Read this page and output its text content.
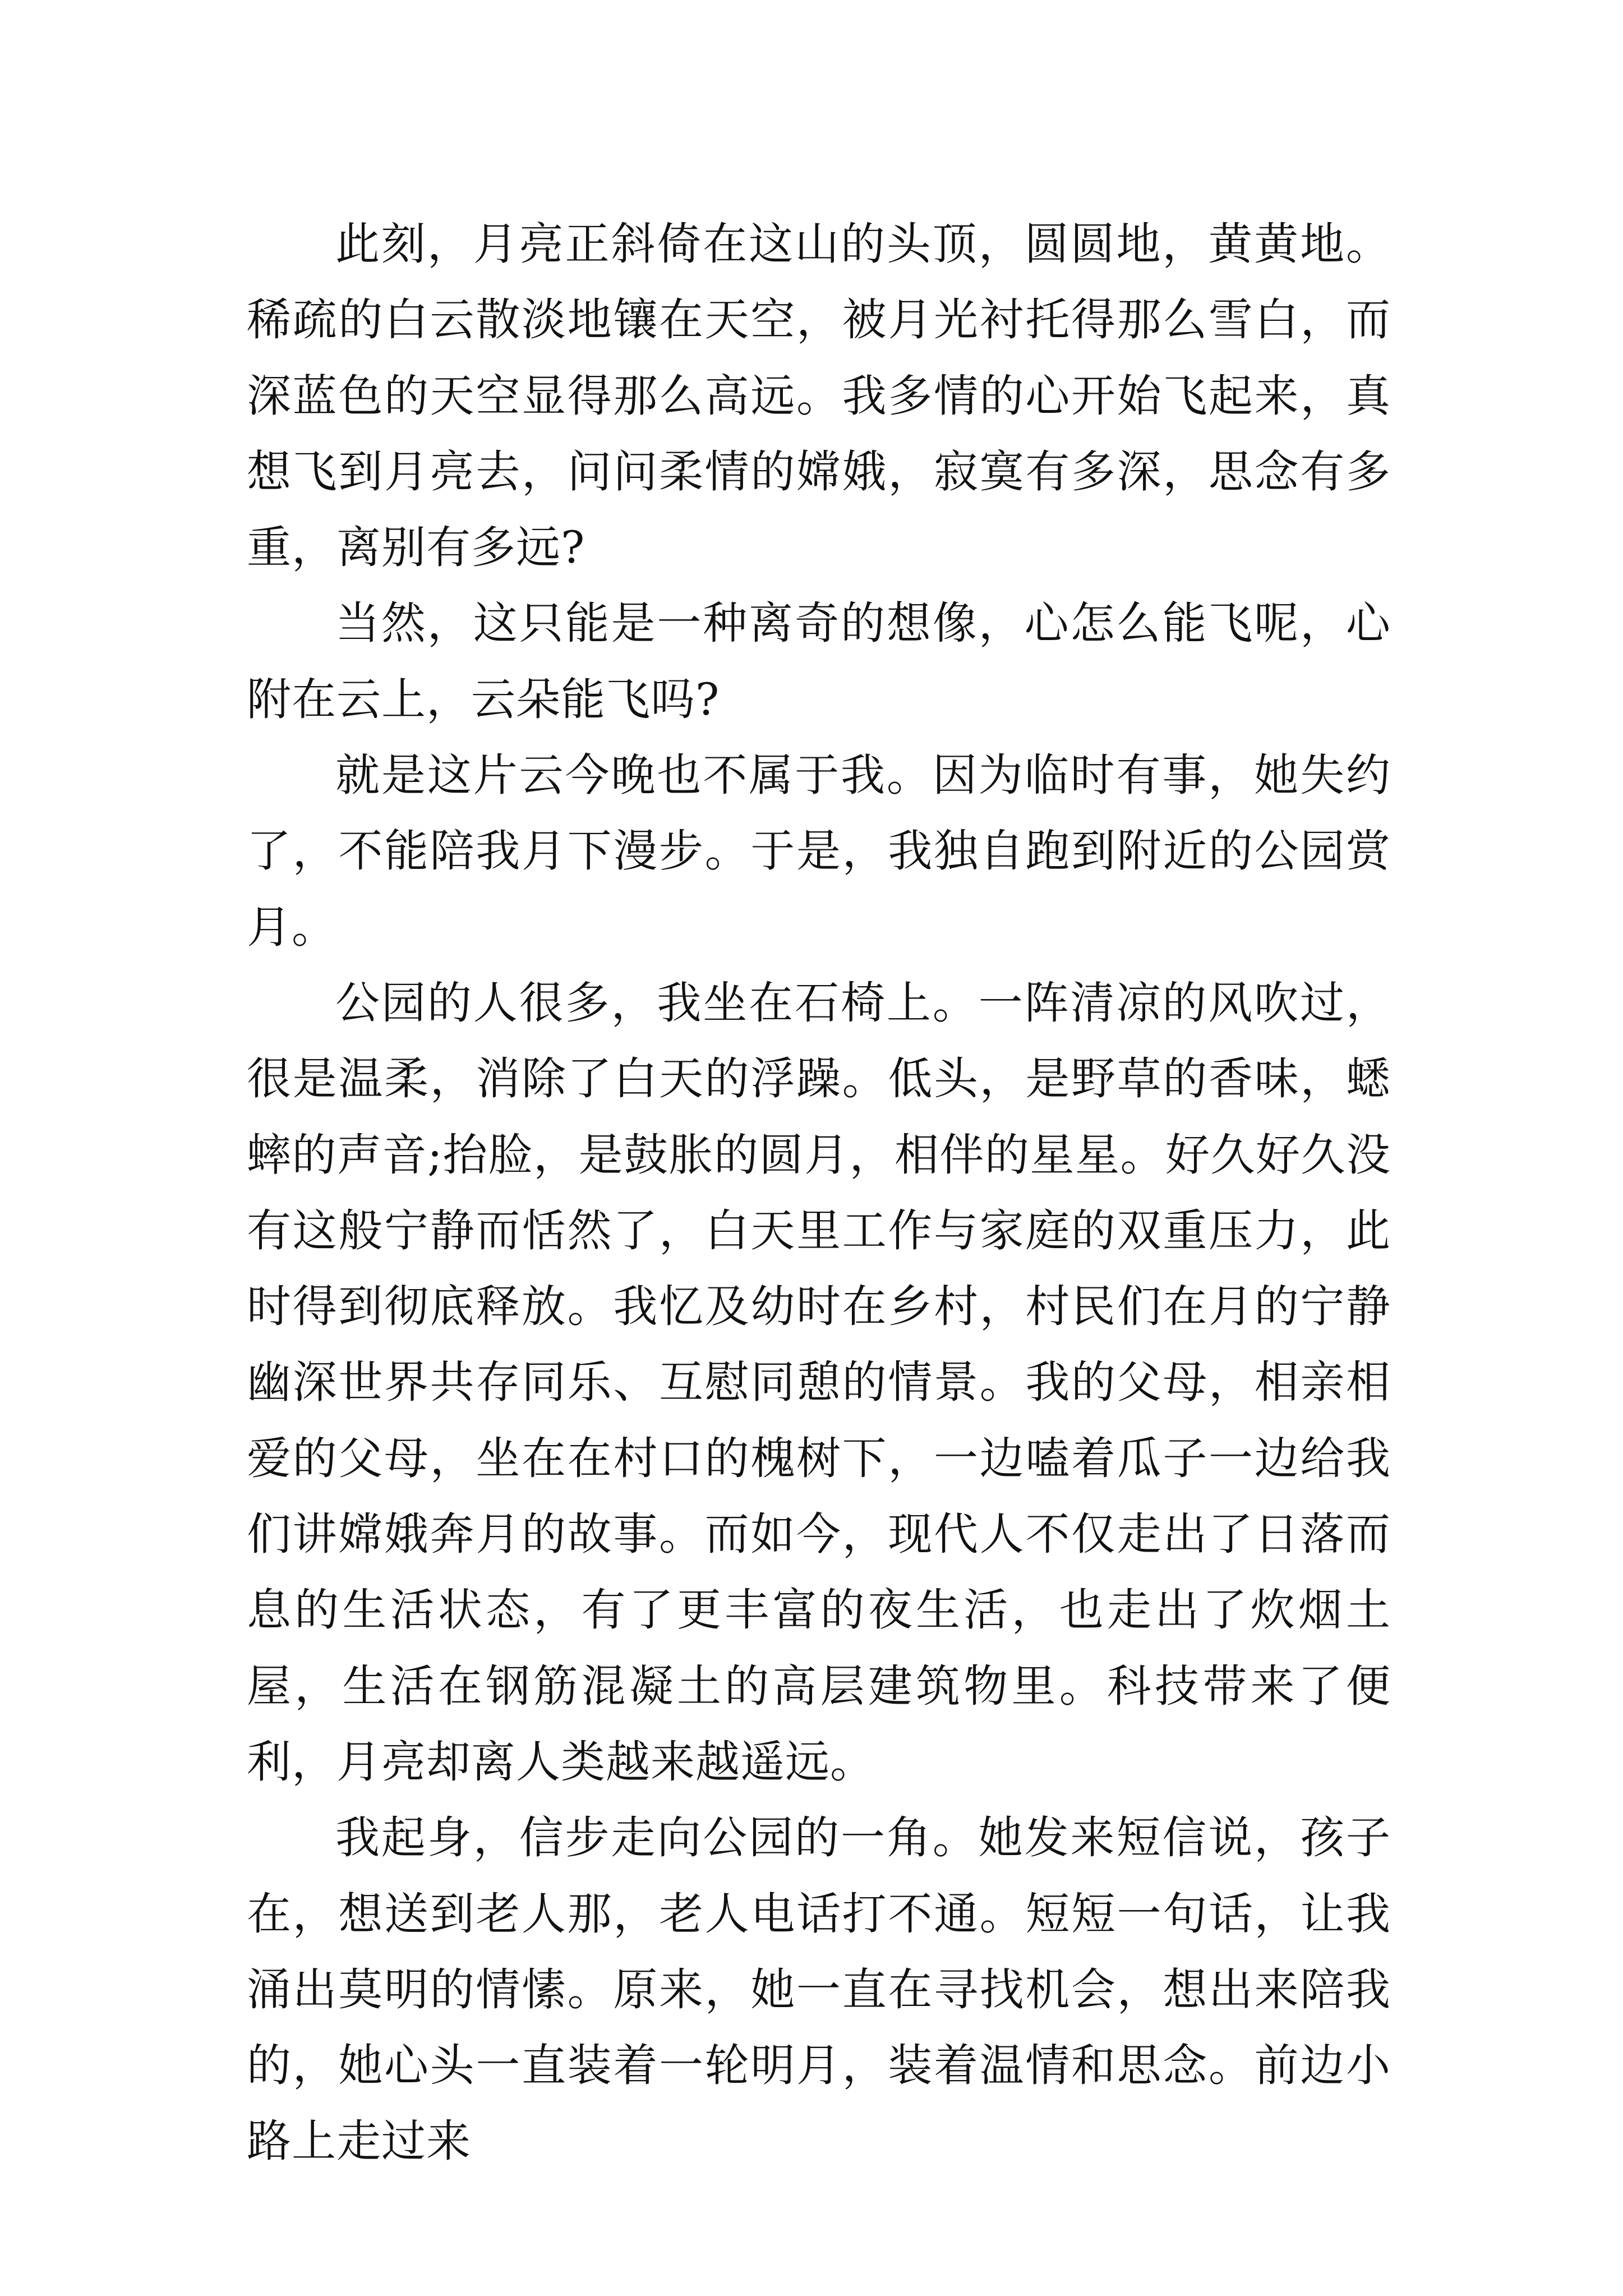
此刻，月亮正斜倚在这山的头顶，圆圆地，黄黄地。稀疏的白云散淡地镶在天空，被月光衬托得那么雪白，而深蓝色的天空显得那么高远。我多情的心开始飞起来，真想飞到月亮去，问问柔情的嫦娥，寂寞有多深，思念有多重，离别有多远?

当然，这只能是一种离奇的想像，心怎么能飞呢，心附在云上，云朵能飞吗?

就是这片云今晚也不属于我。因为临时有事，她失约了，不能陪我月下漫步。于是，我独自跑到附近的公园赏月。

公园的人很多，我坐在石椅上。一阵清凉的风吹过，很是温柔，消除了白天的浮躁。低头，是野草的香味，蟋蟀的声音;抬脸，是鼓胀的圆月，相伴的星星。好久好久没有这般宁静而恬然了，白天里工作与家庭的双重压力，此时得到彻底释放。我忆及幼时在乡村，村民们在月的宁静幽深世界共存同乐、互慰同憩的情景。我的父母，相亲相爱的父母，坐在在村口的槐树下，一边嗑着瓜子一边给我们讲嫦娥奔月的故事。而如今，现代人不仅走出了日落而息的生活状态，有了更丰富的夜生活，也走出了炊烟土屋，生活在钢筋混凝土的高层建筑物里。科技带来了便利，月亮却离人类越来越遥远。

我起身，信步走向公园的一角。她发来短信说，孩子在，想送到老人那，老人电话打不通。短短一句话，让我涌出莫明的情愫。原来，她一直在寻找机会，想出来陪我的，她心头一直装着一轮明月，装着温情和思念。前边小路上走过来
